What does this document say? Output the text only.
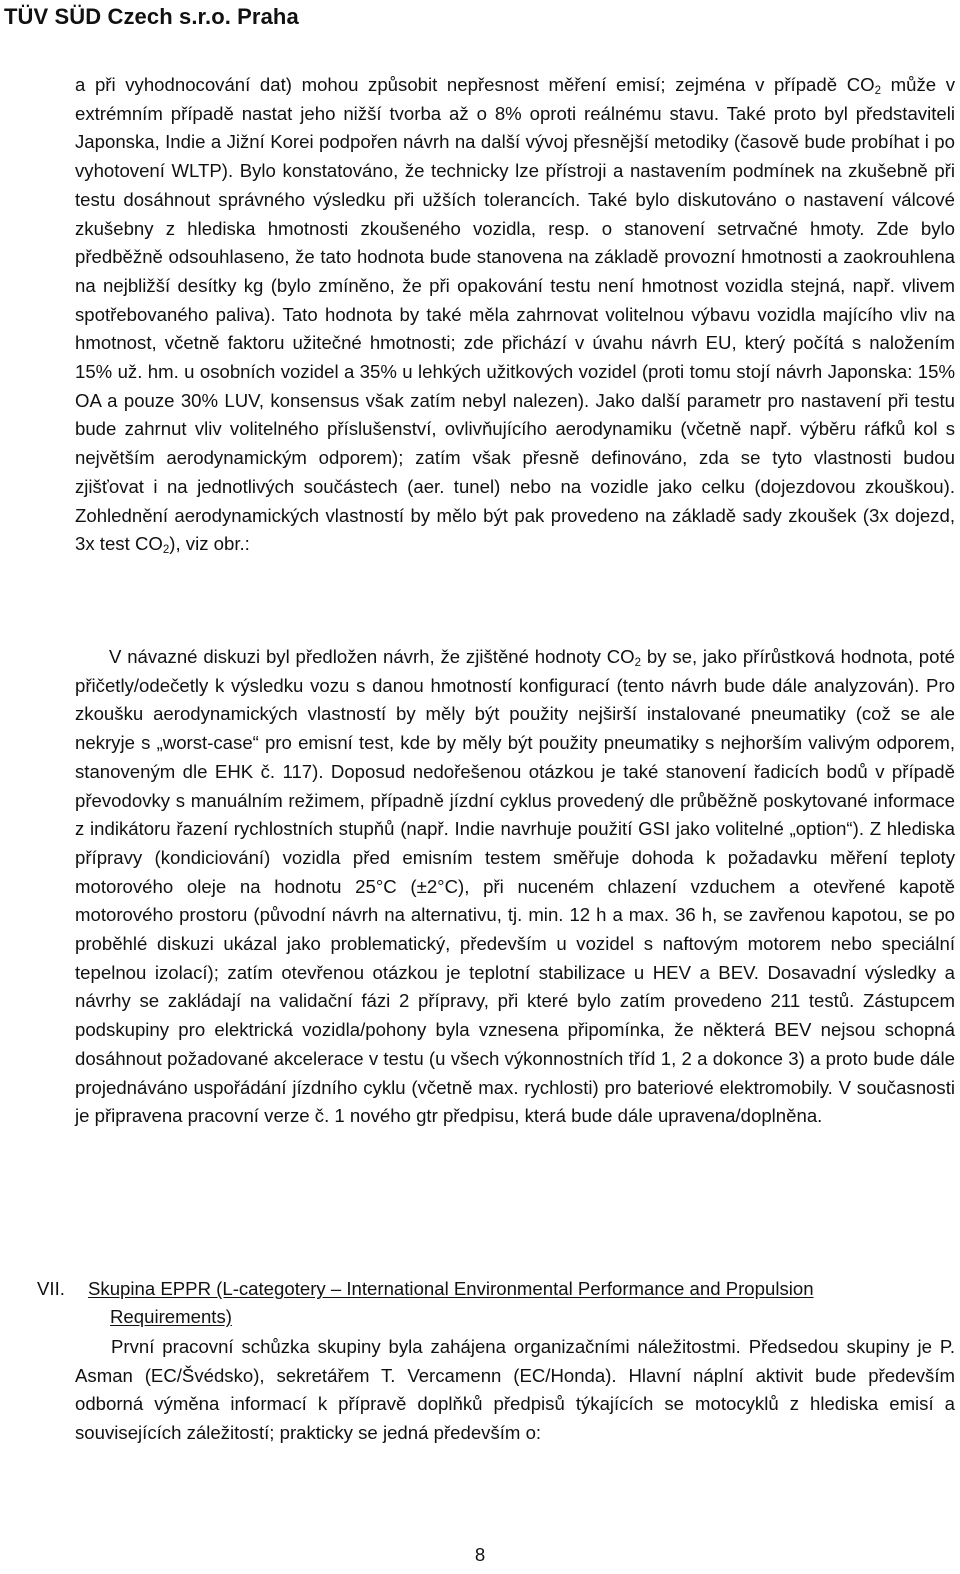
TÜV SÜD Czech s.r.o. Praha
a při vyhodnocování dat) mohou způsobit nepřesnost měření emisí; zejména v případě $CO_2$ může v extrémním případě nastat jeho nižší tvorba až o 8% oproti reálnému stavu. Také proto byl představiteli Japonska, Indie a Jižní Korei podpořen návrh na další vývoj přesnější metodiky (časově bude probíhat i po vyhotovení WLTP). Bylo konstatováno, že technicky lze přístroji a nastavením podmínek na zkušebně při testu dosáhnout správného výsledku při užších tolerancích. Také bylo diskutováno o nastavení válcové zkušebny z hlediska hmotnosti zkoušeného vozidla, resp. o stanovení setrvačné hmoty. Zde bylo předběžně odsouhlaseno, že tato hodnota bude stanovena na základě provozní hmotnosti a zaokrouhlena na nejbližší desítky kg (bylo zmíněno, že při opakování testu není hmotnost vozidla stejná, např. vlivem spotřebovaného paliva). Tato hodnota by také měla zahrnovat volitelnou výbavu vozidla majícího vliv na hmotnost, včetně faktoru užitečné hmotnosti; zde přichází v úvahu návrh EU, který počítá s naložením 15% už. hm. u osobních vozidel a 35% u lehkých užitkových vozidel (proti tomu stojí návrh Japonska: 15% OA a pouze 30% LUV, konsensus však zatím nebyl nalezen). Jako další parametr pro nastavení při testu bude zahrnut vliv volitelného příslušenství, ovlivňujícího aerodynamiku (včetně např. výběru ráfků kol s největším aerodynamickým odporem); zatím však přesně definováno, zda se tyto vlastnosti budou zjišťovat i na jednotlivých součástech (aer. tunel) nebo na vozidle jako celku (dojezdovou zkouškou). Zohlednění aerodynamických vlastností by mělo být pak provedeno na základě sady zkoušek (3x dojezd, 3x test $CO_2$), viz obr.:
V návazné diskuzi byl předložen návrh, že zjištěné hodnoty $CO_2$ by se, jako přírůstková hodnota, poté přičetly/odečetly k výsledku vozu s danou hmotností konfigurací (tento návrh bude dále analyzován). Pro zkoušku aerodynamických vlastností by měly být použity nejširší instalované pneumatiky (což se ale nekryje s „worst-case“ pro emisní test, kde by měly být použity pneumatiky s nejhorším valivým odporem, stanoveným dle EHK č. 117). Doposud nedořešenou otázkou je také stanovení řadicích bodů v případě převodovky s manuálním režimem, případně jízdní cyklus provedený dle průběžně poskytované informace z indikátoru řazení rychlostních stupňů (např. Indie navrhuje použití GSI jako volitelné „option“). Z hlediska přípravy (kondiciování) vozidla před emisním testem směřuje dohoda k požadavku měření teploty motorového oleje na hodnotu 25°C (±2°C), při nuceném chlazení vzduchem a otevřené kapotě motorového prostoru (původní návrh na alternativu, tj. min. 12 h a max. 36 h, se zavřenou kapotou, se po proběhlé diskuzi ukázal jako problematický, především u vozidel s naftovým motorem nebo speciální tepelnou izolací); zatím otevřenou otázkou je teplotní stabilizace u HEV a BEV. Dosavadní výsledky a návrhy se zakládají na validační fázi 2 přípravy, při které bylo zatím provedeno 211 testů. Zástupcem podskupiny pro elektrická vozidla/pohony byla vznesena připomínka, že některá BEV nejsou schopná dosáhnout požadované akcelerace v testu (u všech výkonnostních tříd 1, 2 a dokonce 3) a proto bude dále projednáváno uspořádání jízdního cyklu (včetně max. rychlosti) pro bateriové elektromobily. V současnosti je připravena pracovní verze č. 1 nového gtr předpisu, která bude dále upravena/doplněna.
VII.	Skupina EPPR (L-categotery – International Environmental Performance and Propulsion
Requirements)
První pracovní schůzka skupiny byla zahájena organizačními náležitostmi. Předsedou skupiny je P. Asman (EC/Švédsko), sekretářem T. Vercamenn (EC/Honda). Hlavní náplní aktivit bude především odborná výměna informací k přípravě doplňků předpisů týkajících se motocyklů z hlediska emisí a souvisejících záležitostí; prakticky se jedná především o:
8
